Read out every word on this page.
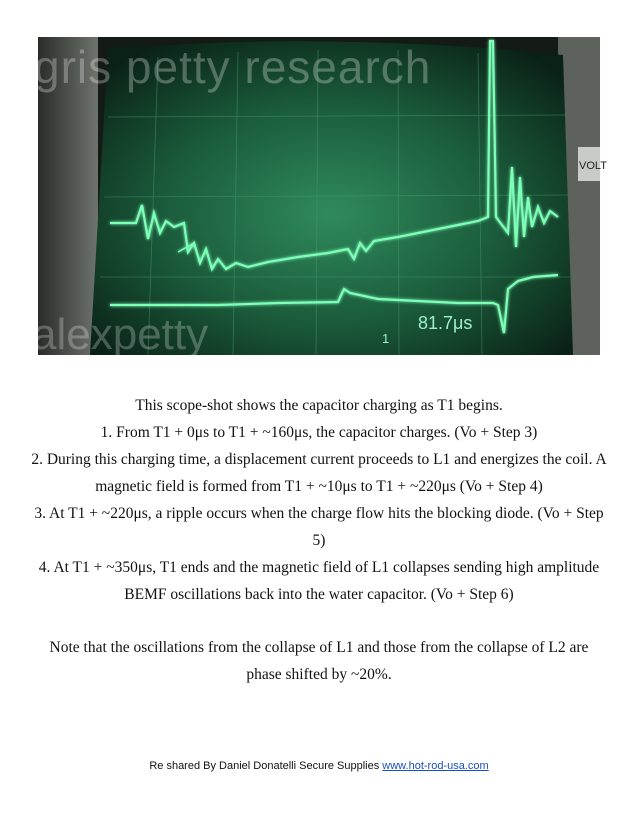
VOLT
81.7μs
1
gris petty research
alexpetty

This scope-shot shows the capacitor charging as T1 begins.

1. From T1 + 0μs to T1 + ~160μs, the capacitor charges. (Vo + Step 3)

2. During this charging time, a displacement current proceeds to L1 and energizes the coil. A

magnetic field is formed from T1 + ~10μs to T1 + ~220μs (Vo + Step 4)

3. At T1 + ~220μs, a ripple occurs when the charge flow hits the blocking diode. (Vo + Step

5)

4. At T1 + ~350μs, T1 ends and the magnetic field of L1 collapses sending high amplitude

BEMF oscillations back into the water capacitor. (Vo + Step 6)

Note that the oscillations from the collapse of L1 and those from the collapse of L2 are

phase shifted by ~20%.

Re shared By Daniel Donatelli Secure Supplies www.hot-rod-usa.com
